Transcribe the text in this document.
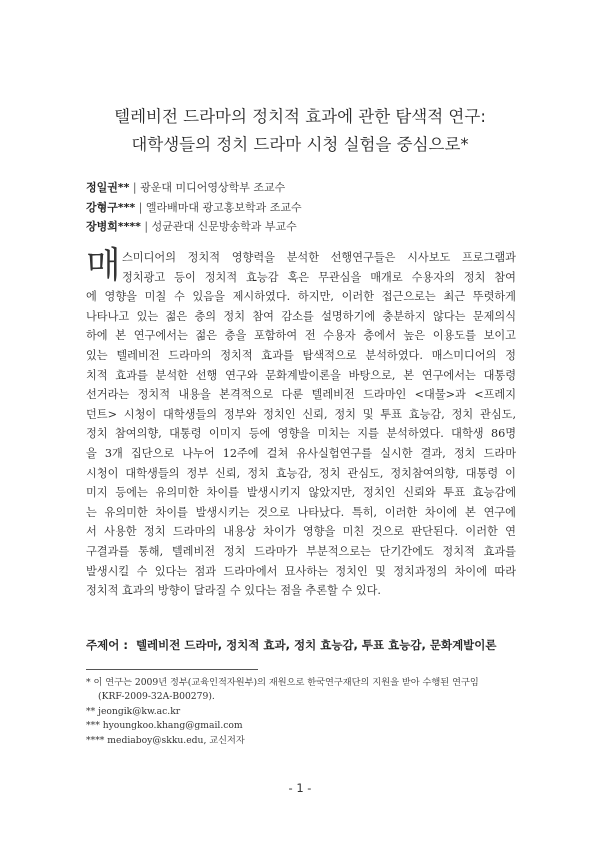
텔레비전 드라마의 정치적 효과에 관한 탐색적 연구:
대학생들의 정치 드라마 시청 실험을 중심으로*
정일권** | 광운대 미디어영상학부 조교수
강형구*** | 엘라배마대 광고홍보학과 조교수
장병희**** | 성균관대 신문방송학과 부교수
매 스미디어의 정치적 영향력을 분석한 선행연구들은 시사보도 프로그램과
정치광고 등이 정치적 효능감 혹은 무관심을 매개로 수용자의 정치 참여
에 영향을 미칠 수 있음을 제시하였다. 하지만, 이러한 접근으로는 최근 뚜렷하게
나타나고 있는 젊은 층의 정치 참여 감소를 설명하기에 충분하지 않다는 문제의식
하에 본 연구에서는 젊은 층을 포함하여 전 수용자 층에서 높은 이용도를 보이고
있는 텔레비전 드라마의 정치적 효과를 탐색적으로 분석하였다. 매스미디어의 정
치적 효과를 분석한 선행 연구와 문화계발이론을 바탕으로, 본 연구에서는 대통령
선거라는 정치적 내용을 본격적으로 다룬 텔레비전 드라마인 <대물>과 <프레지
던트> 시청이 대학생들의 정부와 정치인 신뢰, 정치 및 투표 효능감, 정치 관심도,
정치 참여의향, 대통령 이미지 등에 영향을 미치는 지를 분석하였다. 대학생 86명
을 3개 집단으로 나누어 12주에 걸쳐 유사실험연구를 실시한 결과, 정치 드라마
시청이 대학생들의 정부 신뢰, 정치 효능감, 정치 관심도, 정치참여의향, 대통령 이
미지 등에는 유의미한 차이를 발생시키지 않았지만, 정치인 신뢰와 투표 효능감에
는 유의미한 차이를 발생시키는 것으로 나타났다. 특히, 이러한 차이에 본 연구에
서 사용한 정치 드라마의 내용상 차이가 영향을 미친 것으로 판단된다. 이러한 연
구결과를 통해, 텔레비전 정치 드라마가 부분적으로는 단기간에도 정치적 효과를
발생시킬 수 있다는 점과 드라마에서 묘사하는 정치인 및 정치과정의 차이에 따라
정치적 효과의 방향이 달라질 수 있다는 점을 추론할 수 있다.
주제어 : 텔레비전 드라마, 정치적 효과, 정치 효능감, 투표 효능감, 문화계발이론
* 이 연구는 2009년 정부(교육인적자원부)의 재원으로 한국연구재단의 지원을 받아 수행된 연구임
(KRF-2009-32A-B00279).
** jeongik@kw.ac.kr
*** hyoungkoo.khang@gmail.com
**** mediaboy@skku.edu, 교신저자
- 1 -
